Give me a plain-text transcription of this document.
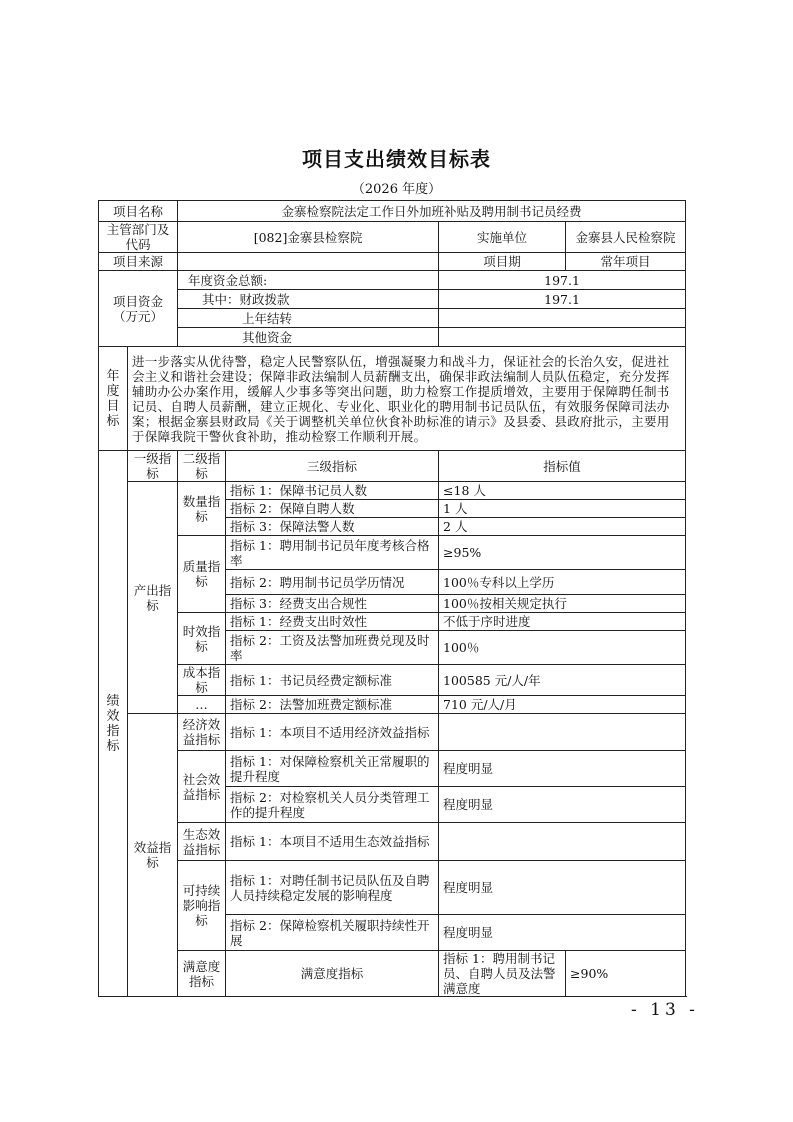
项目支出绩效目标表
（2026 年度）
项目名称		金寨检察院法定工作日外加班补贴及聘用制书记员经费			
主管部门及代码		[082]金寨县检察院		实施单位	金寨县人民检察院
项目来源				项目期	常年项目
项目资金（万元）		年度资金总额:		197.1	
		其中：财政拨款		197.1	
		上年结转			
		其他资金			

年度目标	进一步落实从优待警，稳定人民警察队伍，增强凝聚力和战斗力，保证社会的长治久安，促进社会主义和谐社会建设；保障非政法编制人员薪酬支出，确保非政法编制人员队伍稳定，充分发挥辅助办公办案作用，缓解人少事多等突出问题，助力检察工作提质增效，主要用于保障聘任制书记员、自聘人员薪酬，建立正规化、专业化、职业化的聘用制书记员队伍，有效服务保障司法办案；根据金寨县财政局《关于调整机关单位伙食补助标准的请示》及县委、县政府批示，主要用于保障我院干警伙食补助，推动检察工作顺利开展。				

绩效指标	一级指标	二级指标	三级指标	指标值	
	产出指标	数量指标	指标 1：保障书记员人数	≤18 人	
			指标 2：保障自聘人数	1 人	
			指标 3：保障法警人数	2 人	
		质量指标	指标 1：聘用制书记员年度考核合格率	≥95%	
			指标 2：聘用制书记员学历情况	100％专科以上学历	
			指标 3：经费支出合规性	100％按相关规定执行	
		时效指标	指标 1：经费支出时效性	不低于序时进度	
			指标 2：工资及法警加班费兑现及时率	100％	
		成本指标	指标 1：书记员经费定额标准	100585 元/人/年	
		…	指标 2：法警加班费定额标准	710 元/人/月	
	效益指标	经济效益指标	指标 1：本项目不适用经济效益指标		
		社会效益指标	指标 1：对保障检察机关正常履职的提升程度	程度明显	
			指标 2：对检察机关人员分类管理工作的提升程度	程度明显	
		生态效益指标	指标 1：本项目不适用生态效益指标		
		可持续影响指标	指标 1：对聘任制书记员队伍及自聘人员持续稳定发展的影响程度	程度明显	
			指标 2：保障检察机关履职持续性开展	程度明显	
		满意度指标	满意度指标	指标 1：聘用制书记员、自聘人员及法警满意度	≥90%
- 13 -
